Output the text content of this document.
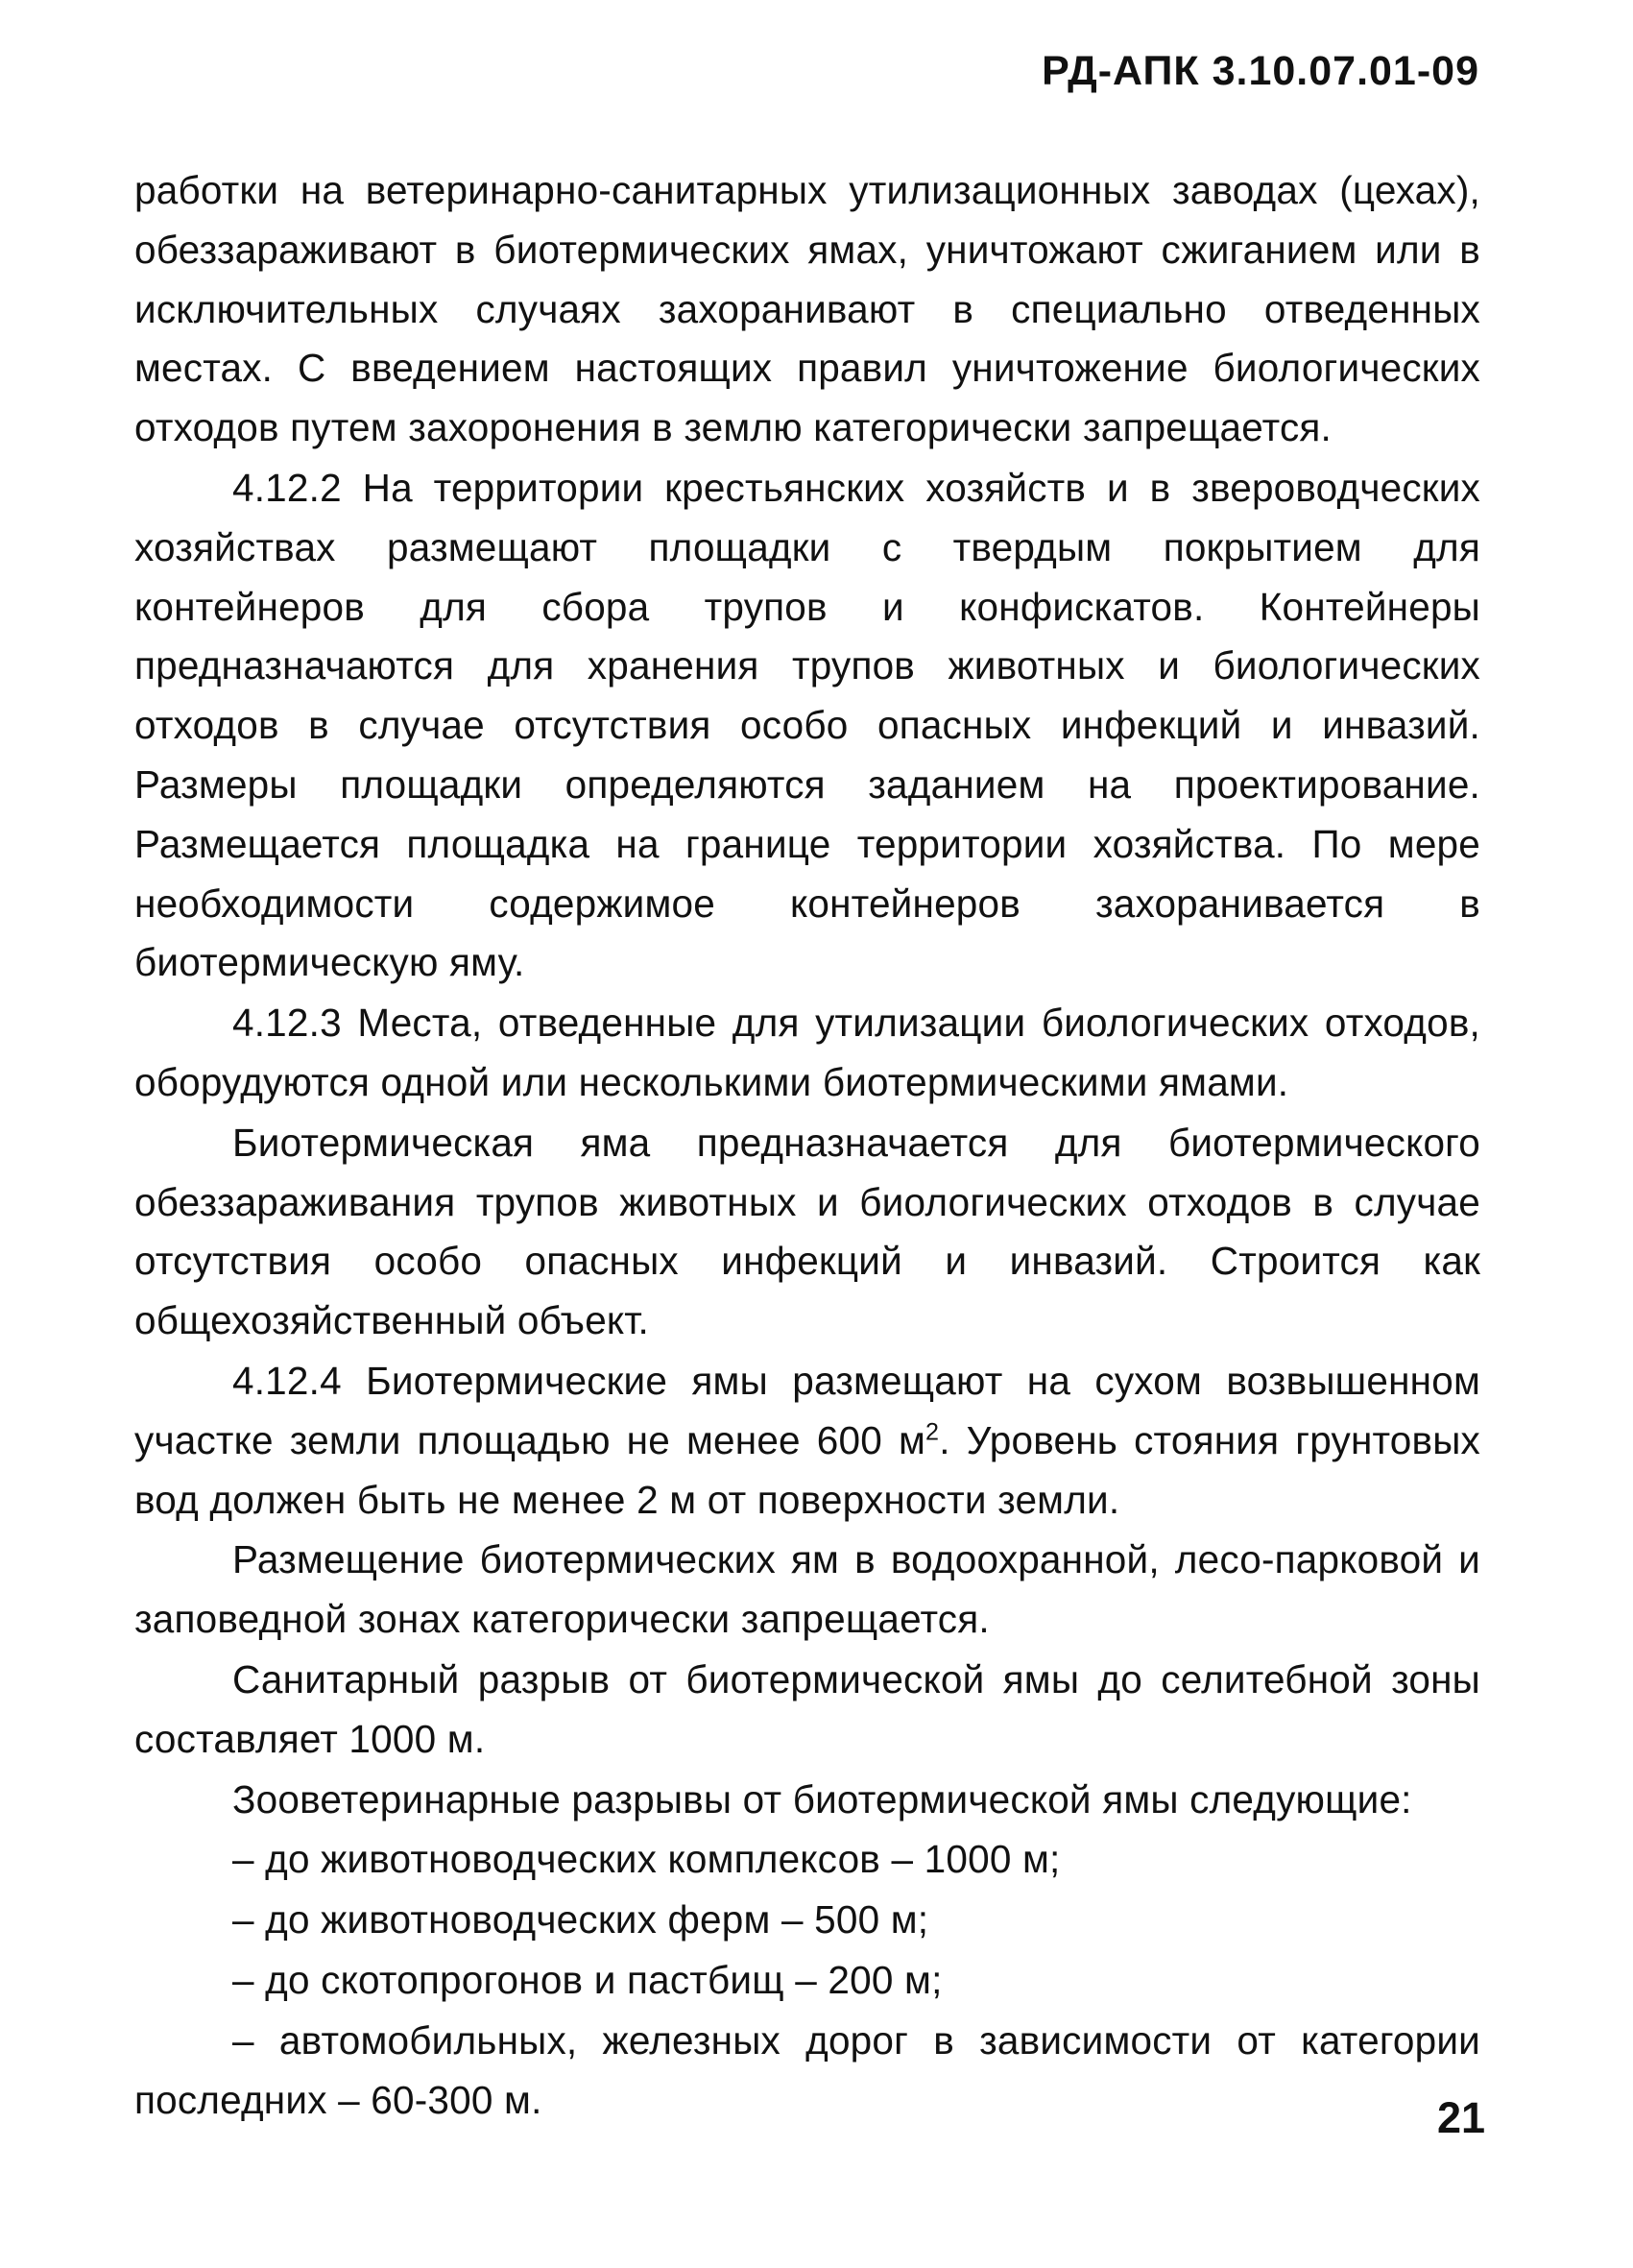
РД-АПК 3.10.07.01-09

работки на ветеринарно-санитарных утилизационных заводах (цехах), обеззараживают в биотермических ямах, уничтожают сжиганием или в исключительных случаях захоранивают в специально отведенных местах. С введением настоящих правил уничтожение биологических отходов путем захоронения в землю категорически запрещается.

4.12.2 На территории крестьянских хозяйств и в звероводческих хозяйствах размещают площадки с твердым покрытием для контейнеров для сбора трупов и конфискатов. Контейнеры предназначаются для хранения трупов животных и биологических отходов в случае отсутствия особо опасных инфекций и инвазий. Размеры площадки определяются заданием на проектирование. Размещается площадка на границе территории хозяйства. По мере необходимости содержимое контейнеров захоранивается в биотермическую яму.

4.12.3 Места, отведенные для утилизации биологических отходов, оборудуются одной или несколькими биотермическими ямами.

Биотермическая яма предназначается для биотермического обеззараживания трупов животных и биологических отходов в случае отсутствия особо опасных инфекций и инвазий. Строится как общехозяйственный объект.

4.12.4 Биотермические ямы размещают на сухом возвышенном участке земли площадью не менее 600 $м^2$. Уровень стояния грунтовых вод должен быть не менее 2 м от поверхности земли.

Размещение биотермических ям в водоохранной, лесо-парковой и заповедной зонах категорически запрещается.

Санитарный разрыв от биотермической ямы до селитебной зоны составляет 1000 м.

Зооветеринарные разрывы от биотермической ямы следующие:

– до животноводческих комплексов – 1000 м;

– до животноводческих ферм – 500 м;

– до скотопрогонов и пастбищ – 200 м;

– автомобильных, железных дорог в зависимости от категории последних – 60-300 м.	21
